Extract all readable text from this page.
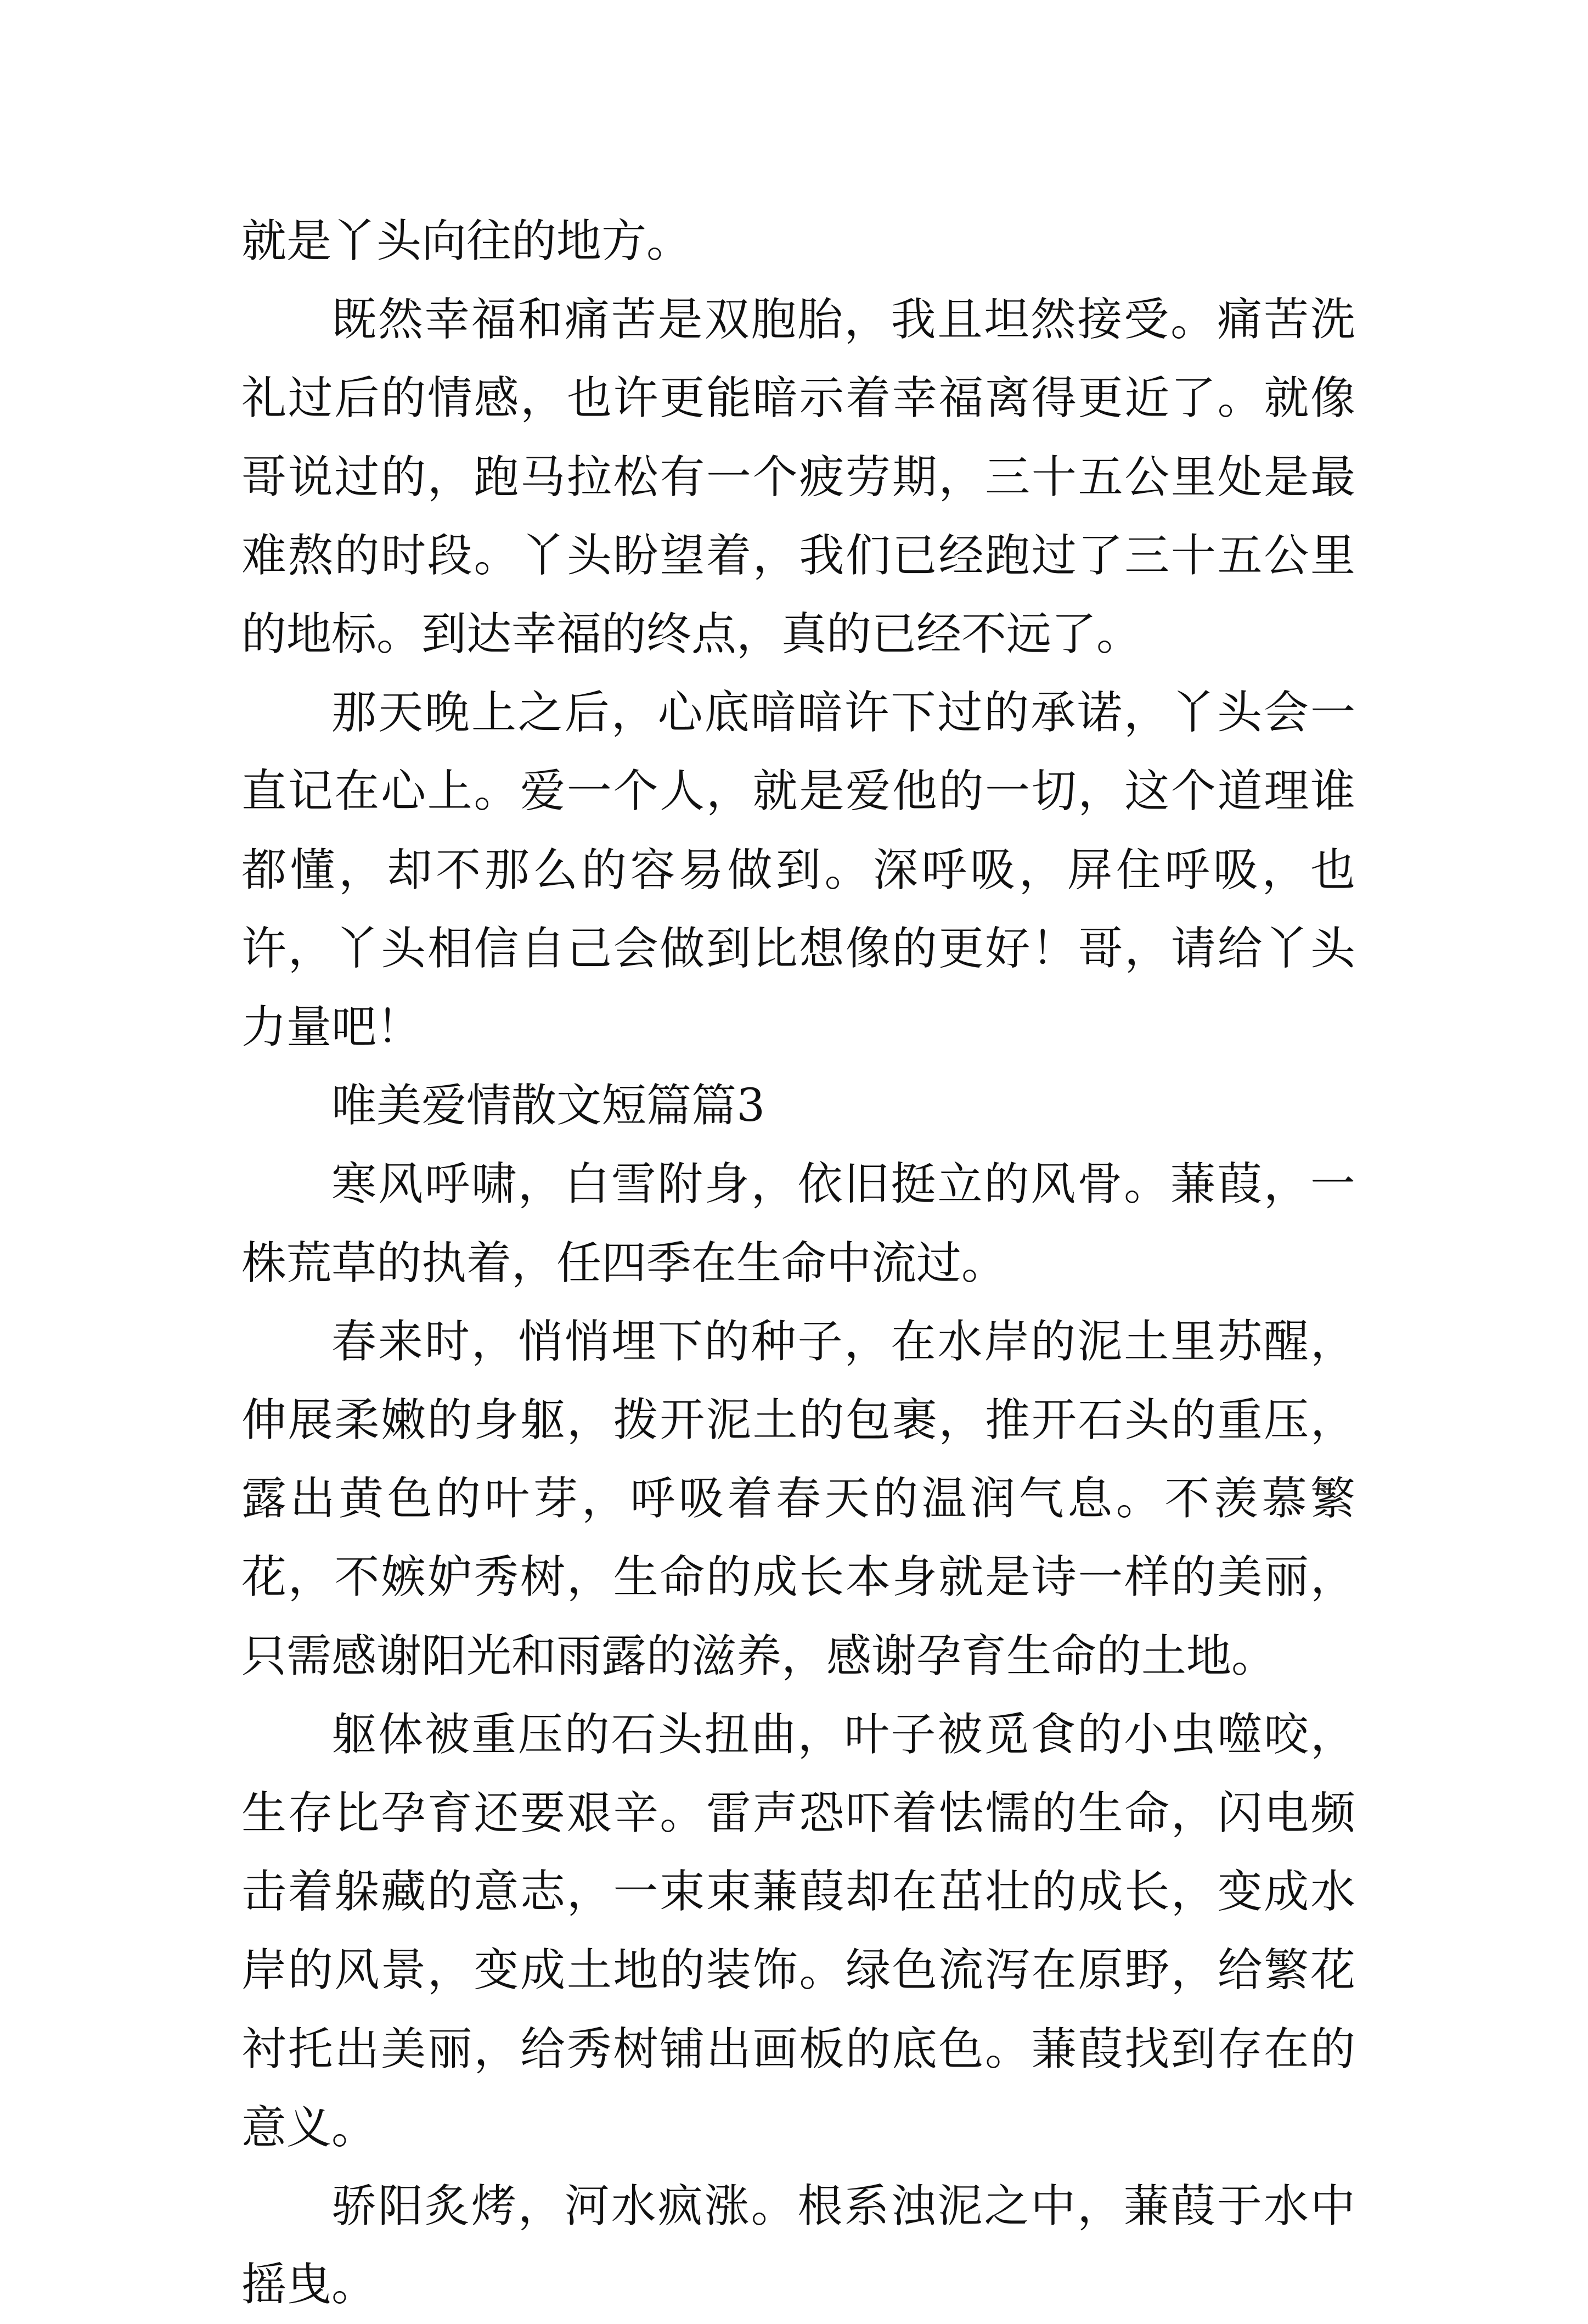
就是丫头向往的地方。

既然幸福和痛苦是双胞胎，我且坦然接受。痛苦洗礼过后的情感，也许更能暗示着幸福离得更近了。就像哥说过的，跑马拉松有一个疲劳期，三十五公里处是最难熬的时段。丫头盼望着，我们已经跑过了三十五公里的地标。到达幸福的终点，真的已经不远了。

那天晚上之后，心底暗暗许下过的承诺，丫头会一直记在心上。爱一个人，就是爱他的一切，这个道理谁都懂，却不那么的容易做到。深呼吸，屏住呼吸，也许，丫头相信自己会做到比想像的更好！哥，请给丫头力量吧！

唯美爱情散文短篇篇3

寒风呼啸，白雪附身，依旧挺立的风骨。蒹葭，一株荒草的执着，任四季在生命中流过。

春来时，悄悄埋下的种子，在水岸的泥土里苏醒，伸展柔嫩的身躯，拨开泥土的包裹，推开石头的重压，露出黄色的叶芽，呼吸着春天的温润气息。不羡慕繁花，不嫉妒秀树，生命的成长本身就是诗一样的美丽，只需感谢阳光和雨露的滋养，感谢孕育生命的土地。

躯体被重压的石头扭曲，叶子被觅食的小虫噬咬，生存比孕育还要艰辛。雷声恐吓着怯懦的生命，闪电频击着躲藏的意志，一束束蒹葭却在茁壮的成长，变成水岸的风景，变成土地的装饰。绿色流泻在原野，给繁花衬托出美丽，给秀树铺出画板的底色。蒹葭找到存在的意义。

骄阳炙烤，河水疯涨。根系浊泥之中，蒹葭于水中摇曳。
